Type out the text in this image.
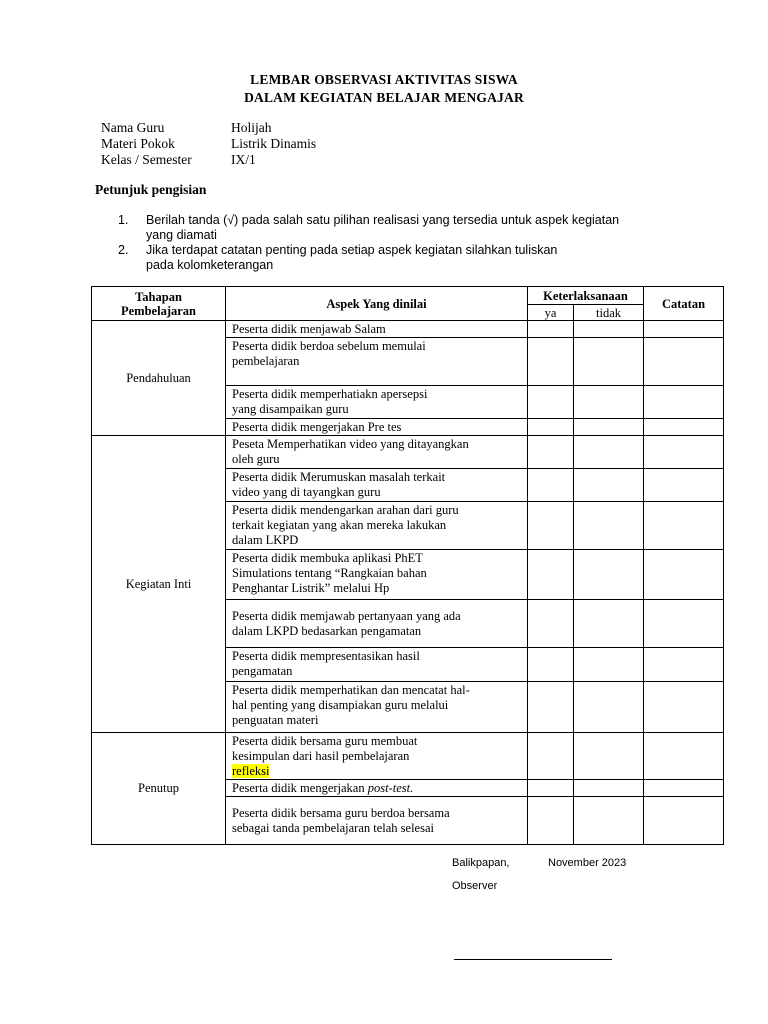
LEMBAR OBSERVASI AKTIVITAS SISWA
DALAM KEGIATAN BELAJAR MENGAJAR
Nama Guru	Holijah
Materi Pokok	Listrik Dinamis
Kelas / Semester	IX/1
Petunjuk pengisian
1. Berilah tanda (√) pada salah satu pilihan realisasi yang tersedia untuk aspek kegiatan
yang diamati
2. Jika terdapat catatan penting pada setiap aspek kegiatan silahkan tuliskan
pada kolomketerangan
Tahapan
Pembelajaran	Aspek Yang dinilai	Keterlaksanaan		Catatan
		ya	tidak	
Pendahuluan	Peserta didik menjawab Salam			

	Peserta didik berdoa sebelum memulai
pembelajaran			

	Peserta didik memperhatiakn apersepsi
yang disampaikan guru			

	Peserta didik mengerjakan Pre tes			

Kegiatan Inti	Peseta Memperhatikan video yang ditayangkan
oleh guru			

	Peserta didik Merumuskan masalah terkait
video yang di tayangkan guru			

	Peserta didik mendengarkan arahan dari guru
terkait kegiatan yang akan mereka lakukan
dalam LKPD			

	Peserta didik membuka aplikasi PhET
Simulations tentang “Rangkaian bahan
Penghantar Listrik” melalui Hp			

	Peserta didik memjawab pertanyaan yang ada
dalam LKPD bedasarkan pengamatan			

	Peserta didik mempresentasikan hasil
pengamatan			

	Peserta didik memperhatikan dan mencatat hal-
hal penting yang disampiakan guru melalui
penguatan materi			

Penutup	Peserta didik bersama guru membuat
kesimpulan dari hasil pembelajaran
refleksi			

	Peserta didik mengerjakan post-test.			

	Peserta didik bersama guru berdoa bersama
sebagai tanda pembelajaran telah selesai			

Balikpapan,	November 2023
Observer
